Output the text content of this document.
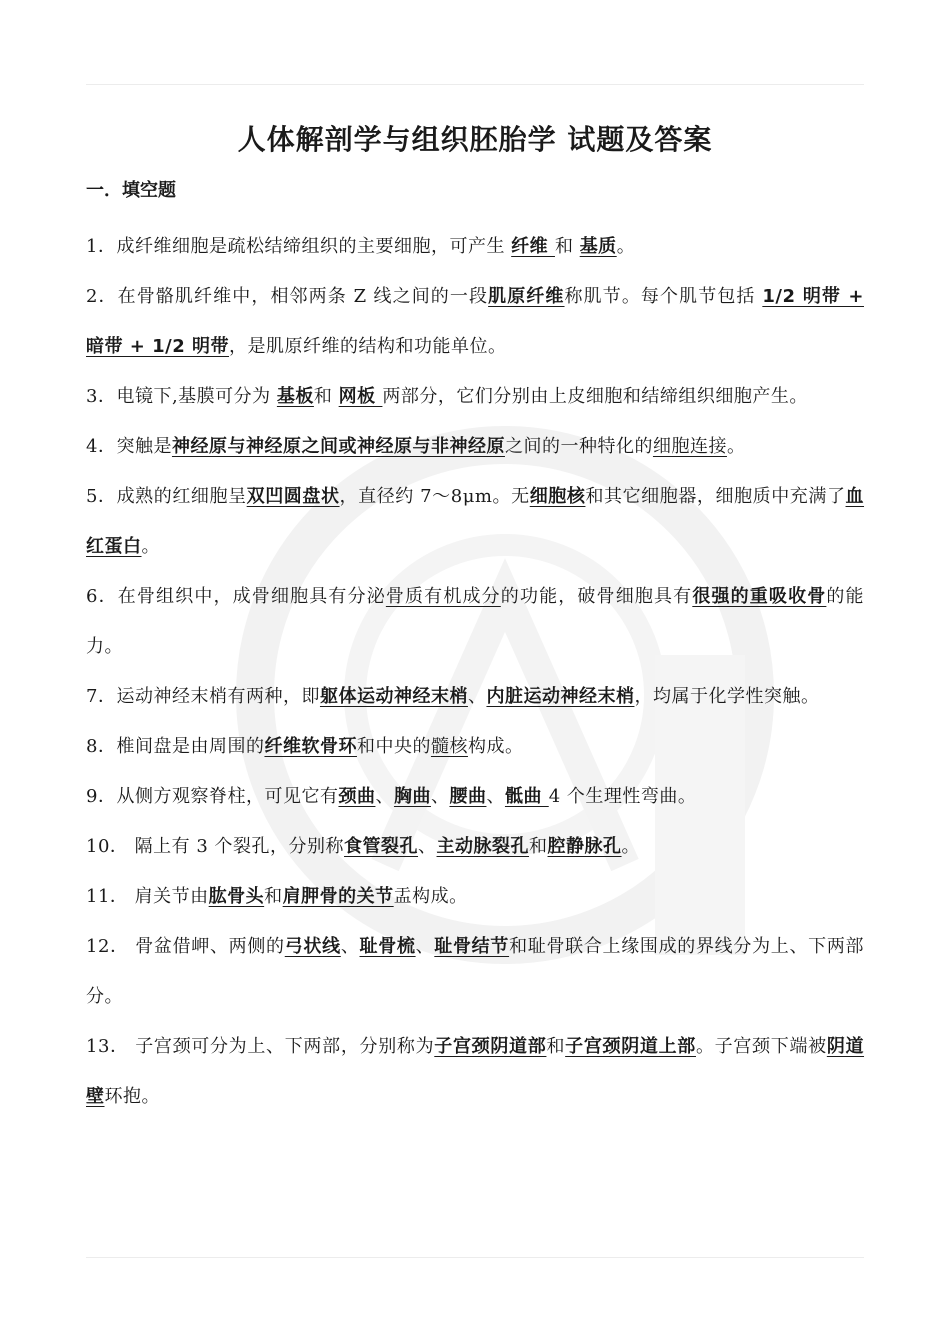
人体解剖学与组织胚胎学 试题及答案
一．填空题

1．成纤维细胞是疏松结缔组织的主要细胞，可产生 纤维 和 基质。

2．在骨骼肌纤维中，相邻两条 Z 线之间的一段肌原纤维称肌节。每个肌节包括 1/2 明带 + 暗带 + 1/2 明带，是肌原纤维的结构和功能单位。

3．电镜下,基膜可分为 基板和 网板 两部分，它们分别由上皮细胞和结缔组织细胞产生。

4．突触是神经原与神经原之间或神经原与非神经原之间的一种特化的细胞连接。

5．成熟的红细胞呈双凹圆盘状，直径约 7～8μm。无细胞核和其它细胞器，细胞质中充满了血红蛋白。

6．在骨组织中，成骨细胞具有分泌骨质有机成分的功能，破骨细胞具有很强的重吸收骨的能力。

7．运动神经末梢有两种，即躯体运动神经末梢、内脏运动神经末梢，均属于化学性突触。

8．椎间盘是由周围的纤维软骨环和中央的髓核构成。

9．从侧方观察脊柱，可见它有颈曲、胸曲、腰曲、骶曲 4 个生理性弯曲。

10． 隔上有 3 个裂孔，分别称食管裂孔、主动脉裂孔和腔静脉孔。

11． 肩关节由肱骨头和肩胛骨的关节盂构成。

12． 骨盆借岬、两侧的弓状线、耻骨梳、耻骨结节和耻骨联合上缘围成的界线分为上、下两部分。

13． 子宫颈可分为上、下两部，分别称为子宫颈阴道部和子宫颈阴道上部。子宫颈下端被阴道壁环抱。
